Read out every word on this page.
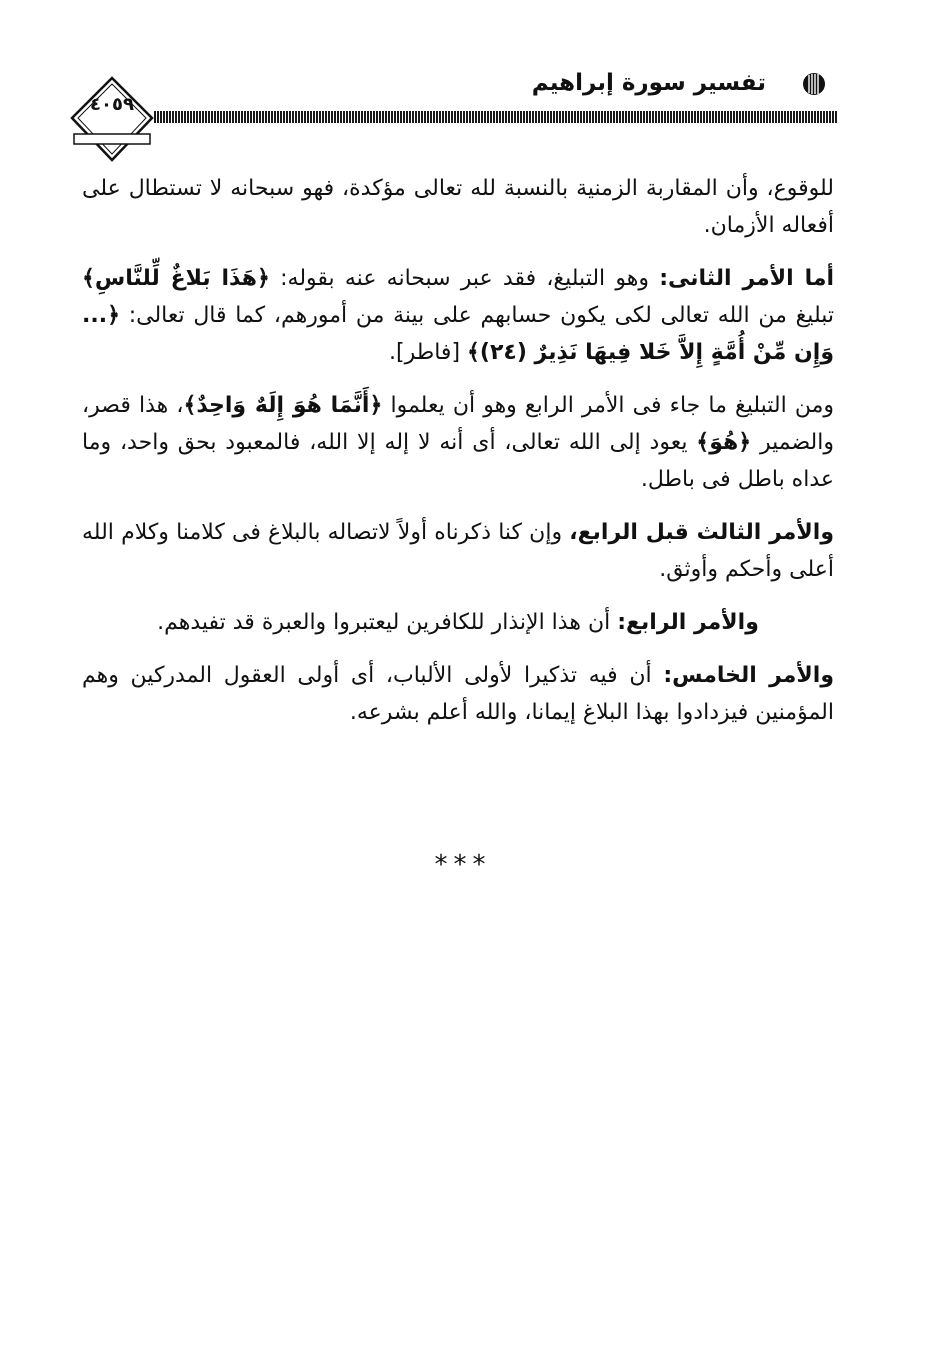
تفسير سورة إبراهيم
٤٠٥٩

للوقوع، وأن المقاربة الزمنية بالنسبة لله تعالى مؤكدة، فهو سبحانه لا تستطال على أفعاله الأزمان.

أما الأمر الثانى: وهو التبليغ، فقد عبر سبحانه عنه بقوله: ﴿هَذَا بَلاغٌ لِّلنَّاسِ﴾ تبليغ من الله تعالى لكى يكون حسابهم على بينة من أمورهم، كما قال تعالى: ﴿... وَإِن مِّنْ أُمَّةٍ إِلاَّ خَلا فِيهَا نَذِيرٌ (٢٤)﴾ [فاطر].

ومن التبليغ ما جاء فى الأمر الرابع وهو أن يعلموا ﴿أَنَّمَا هُوَ إِلَهٌ وَاحِدٌ﴾، هذا قصر، والضمير ﴿هُوَ﴾ يعود إلى الله تعالى، أى أنه لا إله إلا الله، فالمعبود بحق واحد، وما عداه باطل فى باطل.

والأمر الثالث قبل الرابع، وإن كنا ذكرناه أولاً لاتصاله بالبلاغ فى كلامنا وكلام الله أعلى وأحكم وأوثق.

والأمر الرابع: أن هذا الإنذار للكافرين ليعتبروا والعبرة قد تفيدهم.

والأمر الخامس: أن فيه تذكيرا لأولى الألباب، أى أولى العقول المدركين وهم المؤمنين فيزدادوا بهذا البلاغ إيمانا، والله أعلم بشرعه.

***
